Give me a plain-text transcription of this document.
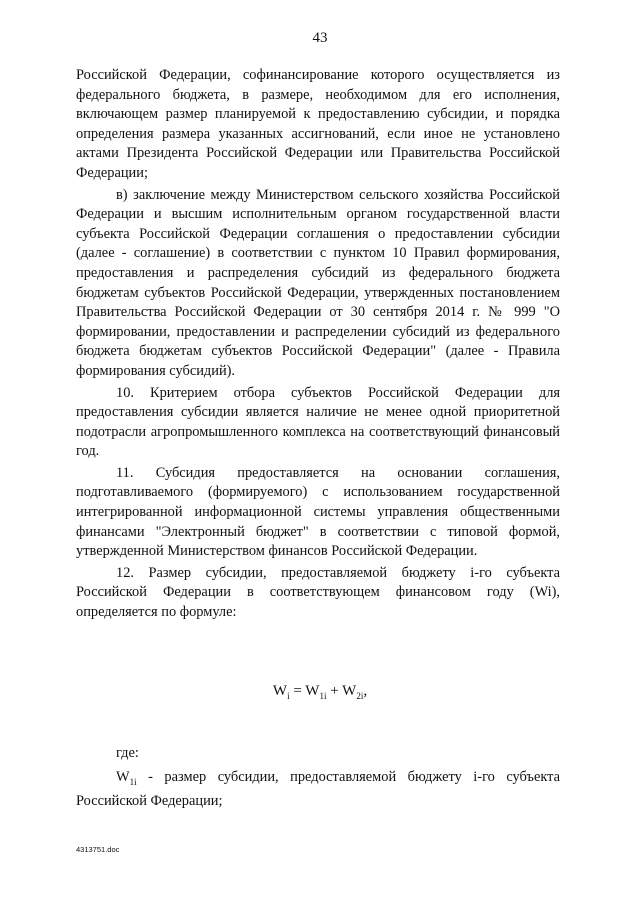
43

Российской Федерации, софинансирование которого осуществляется из федерального бюджета, в размере, необходимом для его исполнения, включающем размер планируемой к предоставлению субсидии, и порядка определения размера указанных ассигнований, если иное не установлено актами Президента Российской Федерации или Правительства Российской Федерации;

в) заключение между Министерством сельского хозяйства Российской Федерации и высшим исполнительным органом государственной власти субъекта Российской Федерации соглашения о предоставлении субсидии (далее - соглашение) в соответствии с пунктом 10 Правил формирования, предоставления и распределения субсидий из федерального бюджета бюджетам субъектов Российской Федерации, утвержденных постановлением Правительства Российской Федерации от 30 сентября 2014 г. № 999 "О формировании, предоставлении и распределении субсидий из федерального бюджета бюджетам субъектов Российской Федерации" (далее - Правила формирования субсидий).

10. Критерием отбора субъектов Российской Федерации для предоставления субсидии является наличие не менее одной приоритетной подотрасли агропромышленного комплекса на соответствующий финансовый год.

11. Субсидия предоставляется на основании соглашения, подготавливаемого (формируемого) с использованием государственной интегрированной информационной системы управления общественными финансами "Электронный бюджет" в соответствии с типовой формой, утвержденной Министерством финансов Российской Федерации.

12. Размер субсидии, предоставляемой бюджету i-го субъекта Российской Федерации в соответствующем финансовом году (Wi), определяется по формуле:

$W_i = W_{1i} + W_{2i}$,
где:
$W_{1i}$ - размер субсидии, предоставляемой бюджету i-го субъекта Российской Федерации;
4313751.doc
